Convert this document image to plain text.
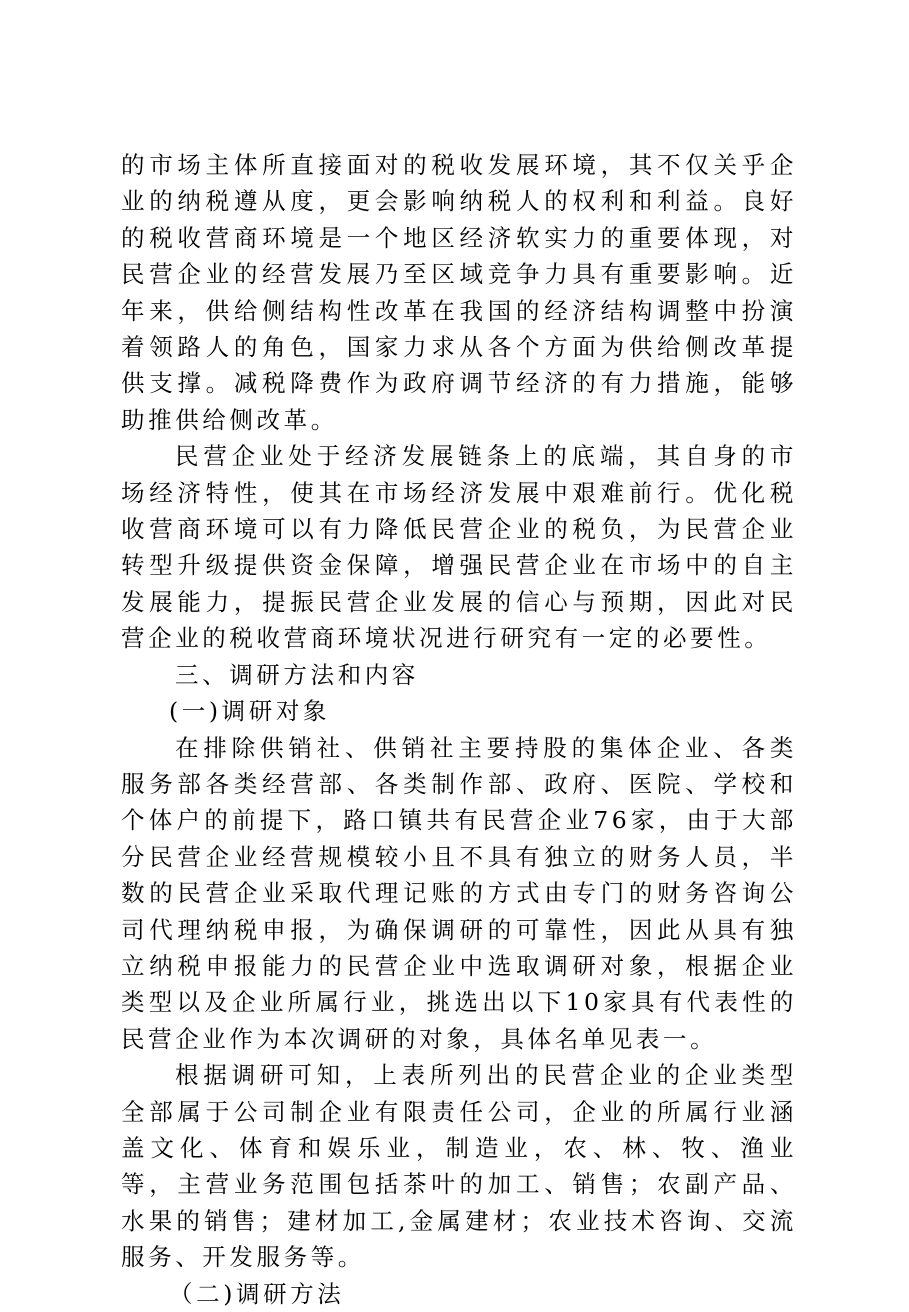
的市场主体所直接面对的税收发展环境，其不仅关乎企业的纳税遵从度，更会影响纳税人的权利和利益。良好的税收营商环境是一个地区经济软实力的重要体现，对民营企业的经营发展乃至区域竞争力具有重要影响。近年来，供给侧结构性改革在我国的经济结构调整中扮演着领路人的角色，国家力求从各个方面为供给侧改革提供支撑。减税降费作为政府调节经济的有力措施，能够助推供给侧改革。

民营企业处于经济发展链条上的底端，其自身的市场经济特性，使其在市场经济发展中艰难前行。优化税收营商环境可以有力降低民营企业的税负，为民营企业转型升级提供资金保障，增强民营企业在市场中的自主发展能力，提振民营企业发展的信心与预期，因此对民营企业的税收营商环境状况进行研究有一定的必要性。

三、调研方法和内容

(一)调研对象

在排除供销社、供销社主要持股的集体企业、各类服务部各类经营部、各类制作部、政府、医院、学校和个体户的前提下，路口镇共有民营企业76家，由于大部分民营企业经营规模较小且不具有独立的财务人员，半数的民营企业采取代理记账的方式由专门的财务咨询公司代理纳税申报，为确保调研的可靠性，因此从具有独立纳税申报能力的民营企业中选取调研对象，根据企业类型以及企业所属行业，挑选出以下10家具有代表性的民营企业作为本次调研的对象，具体名单见表一。

根据调研可知，上表所列出的民营企业的企业类型全部属于公司制企业有限责任公司，企业的所属行业涵盖文化、体育和娱乐业，制造业，农、林、牧、渔业等，主营业务范围包括茶叶的加工、销售；农副产品、水果的销售；建材加工,金属建材；农业技术咨询、交流服务、开发服务等。

（二)调研方法
